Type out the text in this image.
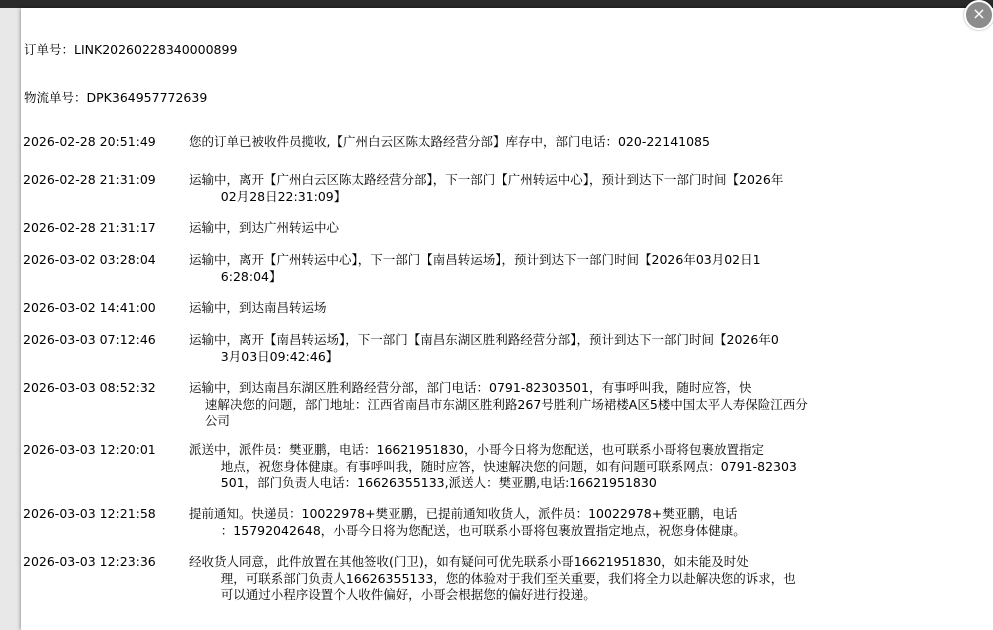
订单号：LINK20260228340000899
物流单号：DPK364957772639
2026-02-28 20:51:49	您的订单已被收件员揽收,【广州白云区陈太路经营分部】库存中，部门电话：020-22141085
2026-02-28 21:31:09	运输中，离开【广州白云区陈太路经营分部】，下一部门【广州转运中心】，预计到达下一部门时间【2026年
02月28日22:31:09】
2026-02-28 21:31:17	运输中，到达广州转运中心
2026-03-02 03:28:04	运输中，离开【广州转运中心】，下一部门【南昌转运场】，预计到达下一部门时间【2026年03月02日1
6:28:04】
2026-03-02 14:41:00	运输中，到达南昌转运场
2026-03-03 07:12:46	运输中，离开【南昌转运场】，下一部门【南昌东湖区胜利路经营分部】，预计到达下一部门时间【2026年0
3月03日09:42:46】
2026-03-03 08:52:32	运输中，到达南昌东湖区胜利路经营分部，部门电话：0791-82303501，有事呼叫我，随时应答，快
速解决您的问题，部门地址：江西省南昌市东湖区胜利路267号胜利广场裙楼A区5楼中国太平人寿保险江西分
公司
2026-03-03 12:20:01	派送中，派件员：樊亚鹏，电话：16621951830，小哥今日将为您配送，也可联系小哥将包裹放置指定
地点，祝您身体健康。有事呼叫我，随时应答，快速解决您的问题，如有问题可联系网点：0791-82303
501，部门负责人电话：16626355133,派送人：樊亚鹏,电话:16621951830
2026-03-03 12:21:58	提前通知。快递员：10022978+樊亚鹏，已提前通知收货人，派件员：10022978+樊亚鹏，电话
：15792042648，小哥今日将为您配送，也可联系小哥将包裹放置指定地点，祝您身体健康。
2026-03-03 12:23:36	经收货人同意，此件放置在其他签收(门卫)，如有疑问可优先联系小哥16621951830，如未能及时处
理，可联系部门负责人16626355133，您的体验对于我们至关重要，我们将全力以赴解决您的诉求，也
可以通过小程序设置个人收件偏好，小哥会根据您的偏好进行投递。
×
